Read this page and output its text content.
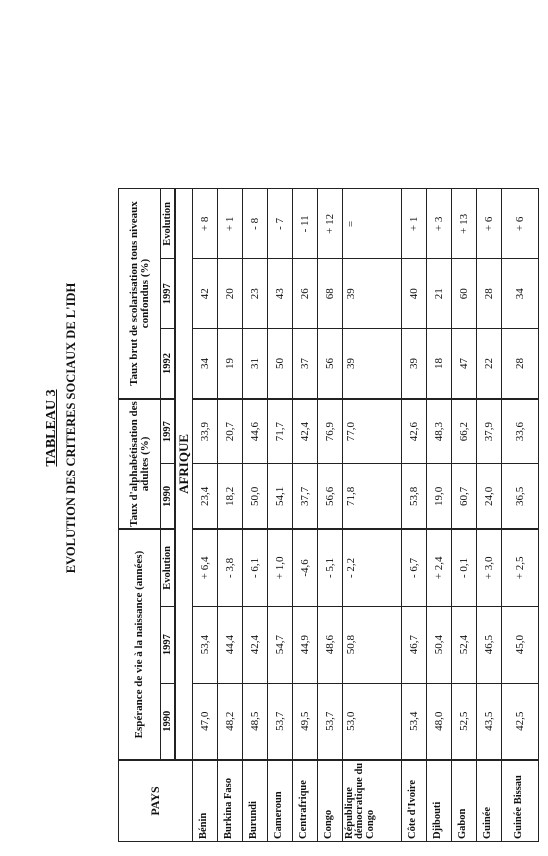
TABLEAU 3 EVOLUTION DES CRITERES SOCIAUX DE L'IDH
PAYS	Espérance de vie à la naissance (années)			Taux d'alphabétisation des adultes (%)		Taux brut de scolarisation tous niveaux confondus (%)			
	1990	1997	Evolution	1990	1997	1992	1997	Evolution	
				AFRIQUE					
Bénin	47,0	53,4	+ 6,4	23,4	33,9	34	42	+ 8	
Burkina Faso	48,2	44,4	- 3,8	18,2	20,7	19	20	+ 1	
Burundi	48,5	42,4	- 6,1	50,0	44,6	31	23	- 8	
Cameroun	53,7	54,7	+ 1,0	54,1	71,7	50	43	- 7	
Centrafrique	49,5	44,9	-4,6	37,7	42,4	37	26	- 11	
Congo	53,7	48,6	- 5,1	56,6	76,9	56	68	+ 12	
République démocratique du Congo	53,0	50,8	- 2,2	71,8	77,0	39	39	=	
Côte d'Ivoire	53,4	46,7	- 6,7	53,8	42,6	39	40	+ 1	
Djibouti	48,0	50,4	+ 2,4	19,0	48,3	18	21	+ 3	
Gabon	52,5	52,4	- 0,1	60,7	66,2	47	60	+ 13	
Guinée	43,5	46,5	+ 3,0	24,0	37,9	22	28	+ 6	
Guinée Bissau	42,5	45,0	+ 2,5	36,5	33,6	28	34	+ 6	
